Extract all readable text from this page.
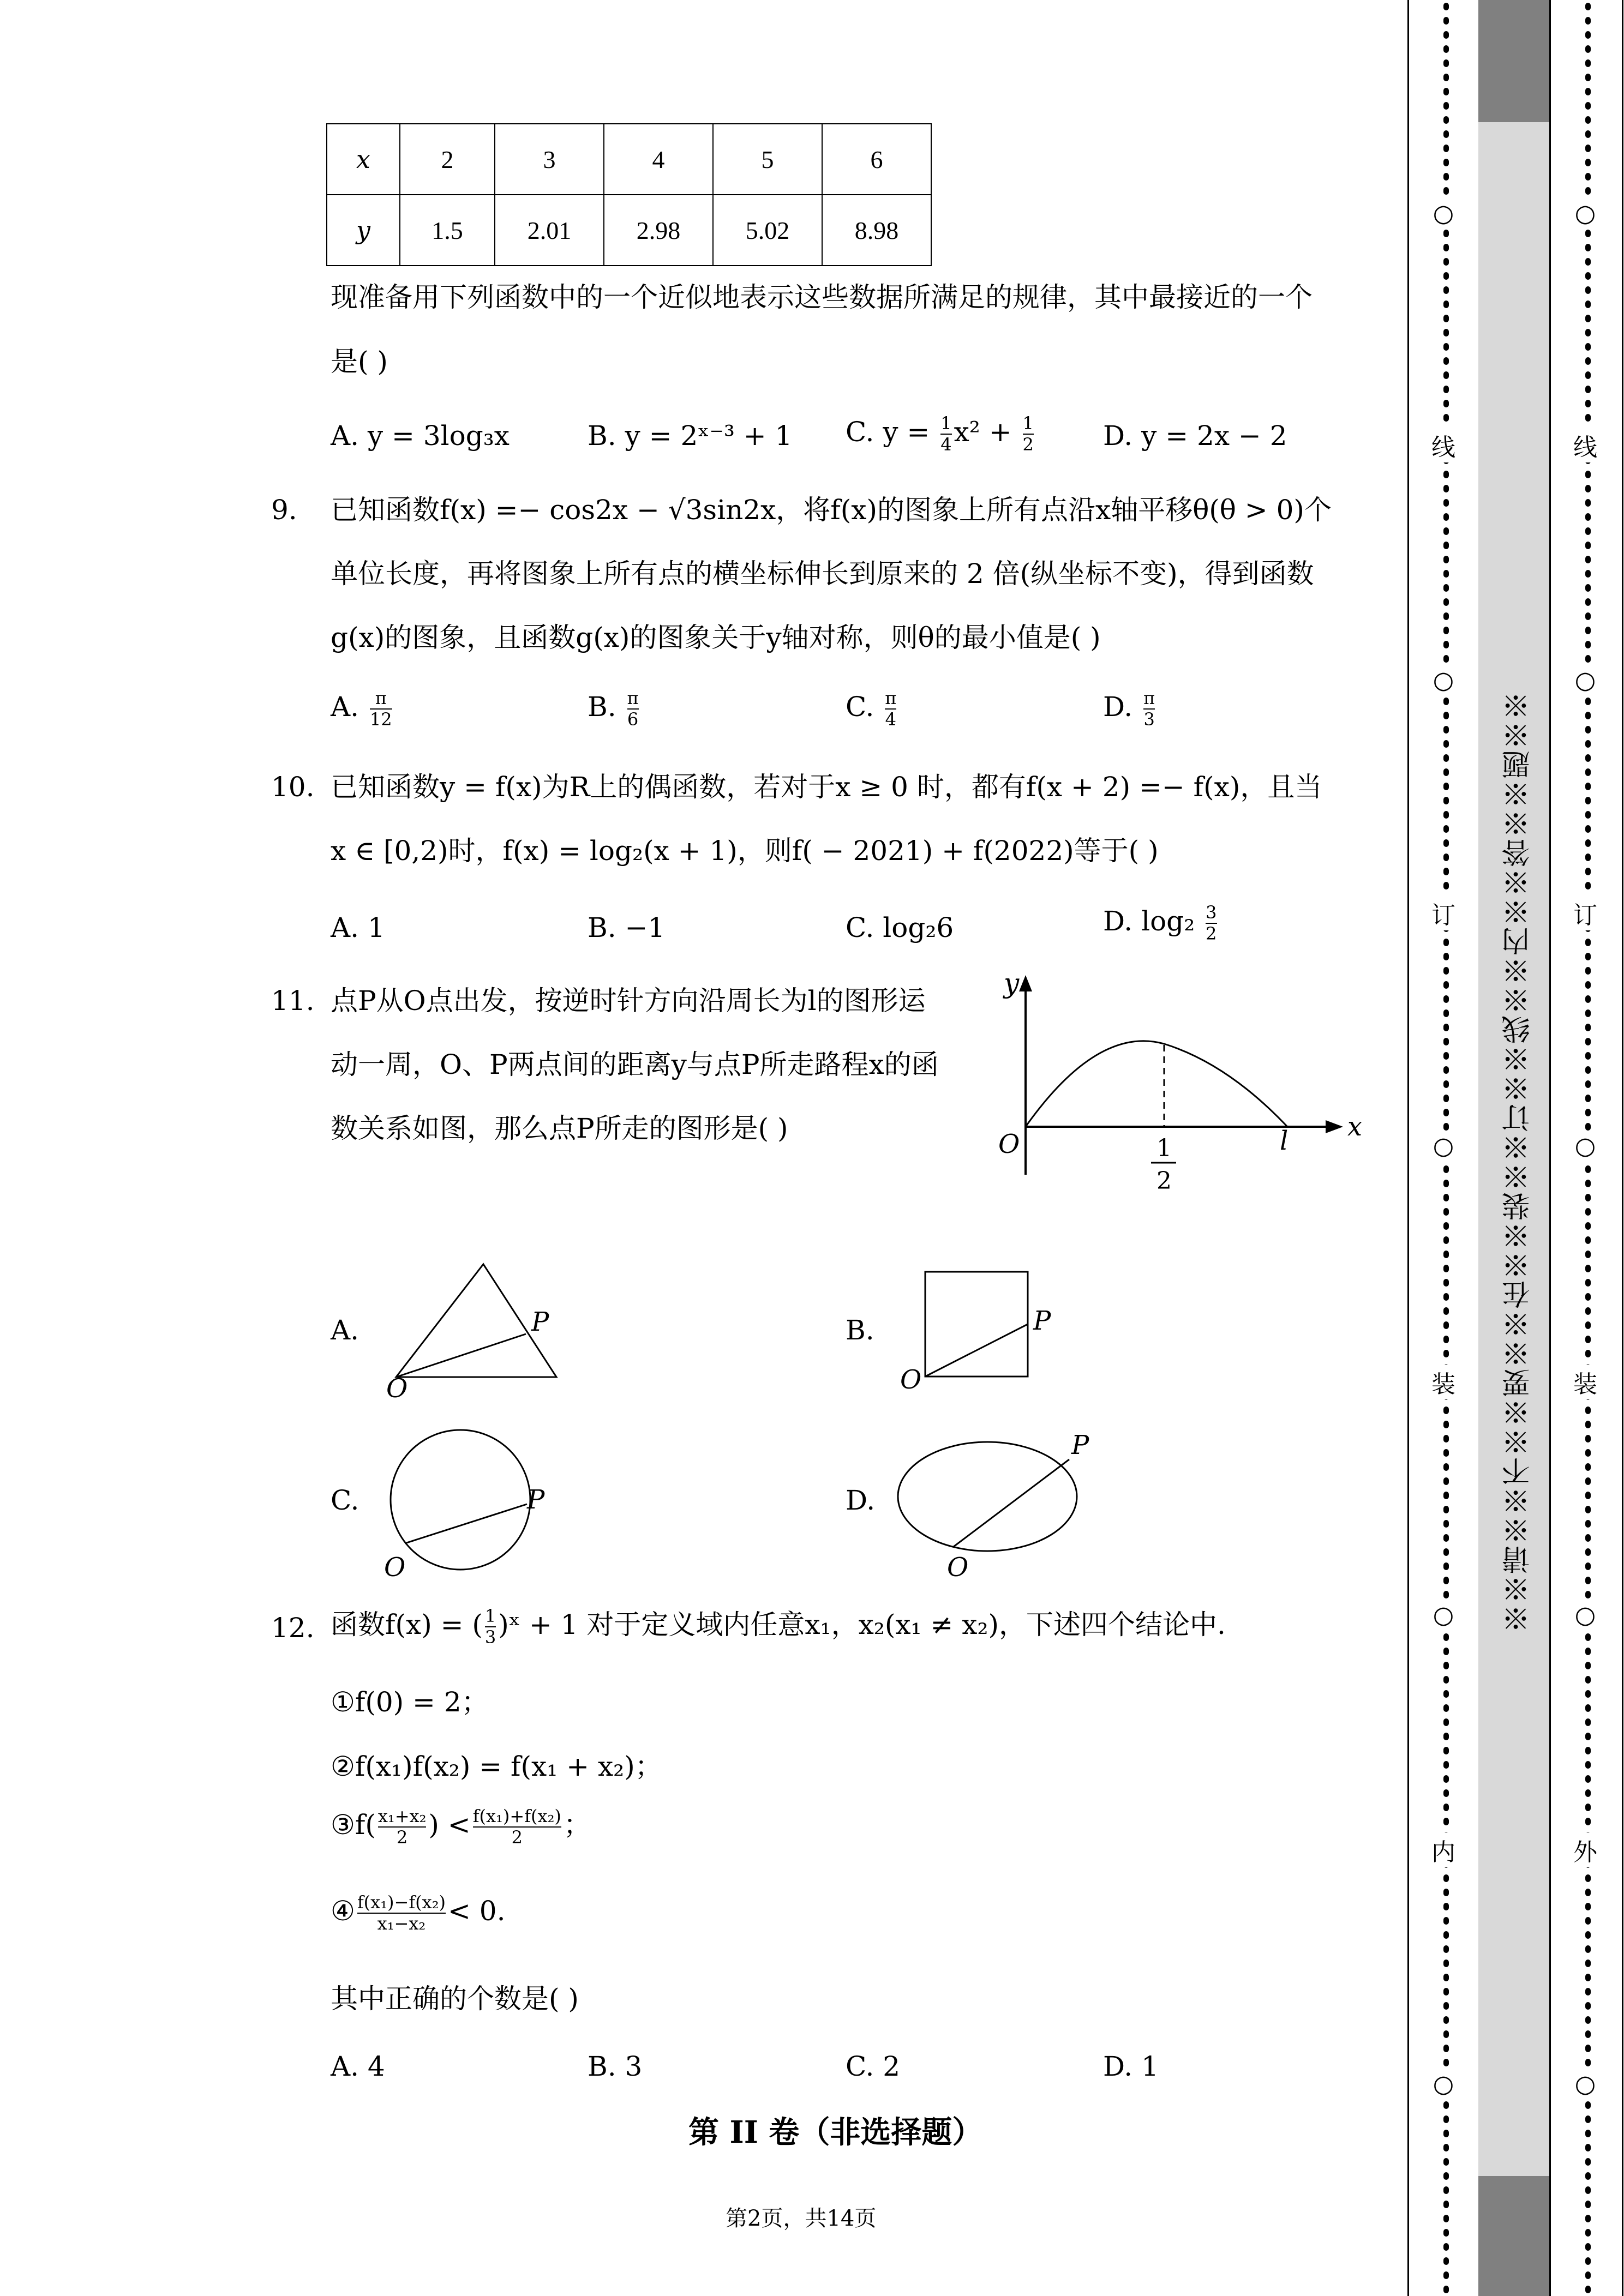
x	2	3	4	5	6
y	1.5	2.01	2.98	5.02	8.98
现准备用下列函数中的一个近似地表示这些数据所满足的规律，其中最接近的一个
是( )
A. y = 3log₃x	B. y = 2ˣ⁻³ + 1 C. $y = \frac{1}{4} x^2 + \frac{1}{2}$	D. y = 2x − 2
9. 已知函数f(x) =− cos2x − √3sin2x，将f(x)的图象上所有点沿x轴平移θ(θ > 0)个
单位长度，再将图象上所有点的横坐标伸长到原来的 2 倍(纵坐标不变)，得到函数
g(x)的图象，且函数g(x)的图象关于y轴对称，则θ的最小值是( )
A. $\frac{\pi}{12}$	B. $\frac{\pi}{6}$	C. $\frac{\pi}{4}$	D. $\frac{\pi}{3}$
10. 已知函数y = f(x)为R上的偶函数，若对于x ≥ 0 时，都有f(x + 2) =− f(x)，且当
x ∈ [0,2)时，f(x) = log₂(x + 1)，则f( − 2021) + f(2022)等于( )
A. 1	B. −1	C. log₂6	D. $\log_2 \frac{3}{2}$
11. 点P从O点出发，按逆时针方向沿周长为l的图形运
动一周，O、P两点间的距离y与点P所走路程x的函
数关系如图，那么点P所走的图形是( )
y
x
O	l
1
2
A.
O
P	B.
O
P
C.
O
P	D.
O
P
12. 函数f(x) = ( $\frac{1}{3}$ )ˣ + 1 对于定义域内任意x₁，x₂(x₁ ≠ x₂)，下述四个结论中.
①f(0) = 2；
②f(x₁)f(x₂) = f(x₁ + x₂)；
③f( $\frac{\text{x₁+x₂}}{2}$ ) < $\frac{\text{f(x₁)+f(x₂)}}{2}$ ；
④ $\frac{\text{f(x₁)−f(x₂)}}{\text{x₁−x₂}} < 0$.
其中正确的个数是( )
A. 4	B. 3	C. 2	D. 1
第 II 卷（非选择题）
第2页，共14页
○
线
○
订
○
装
○
内
○
※※请※※不※※要※※在※※装※※订※※线※※内※※答※※题※※
○
线
○
订
○
装
○
外
○
